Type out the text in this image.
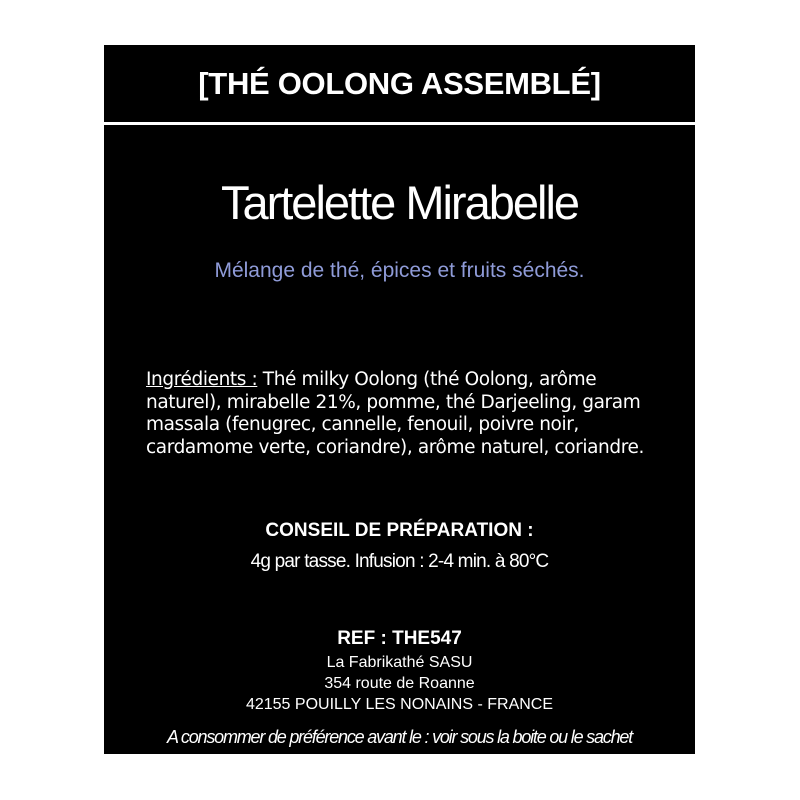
[THÉ OOLONG ASSEMBLÉ]
Tartelette Mirabelle
Mélange de thé, épices et fruits séchés.
Ingrédients : Thé milky Oolong (thé Oolong, arôme naturel), mirabelle 21%, pomme, thé Darjeeling, garam massala (fenugrec, cannelle, fenouil, poivre noir, cardamome verte, coriandre), arôme naturel, coriandre.
CONSEIL DE PRÉPARATION :
4g par tasse. Infusion : 2-4 min. à 80°C
REF : THE547
La Fabrikathé SASU
354 route de Roanne
42155 POUILLY LES NONAINS - FRANCE
A consommer de préférence avant le : voir sous la boite ou le sachet
